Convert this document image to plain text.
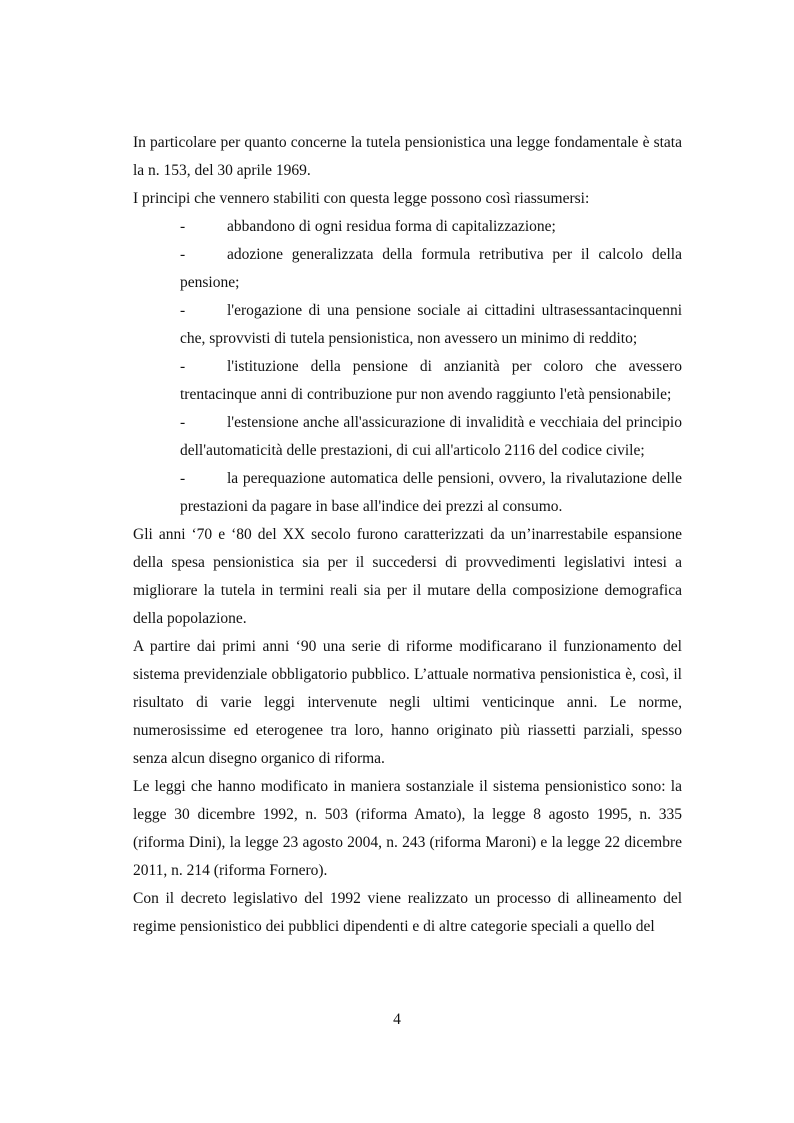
In particolare per quanto concerne la tutela pensionistica una legge fondamentale è stata la n. 153, del 30 aprile 1969.

I principi che vennero stabiliti con questa legge possono così riassumersi:

-	abbandono di ogni residua forma di capitalizzazione;

-	adozione generalizzata della formula retributiva per il calcolo della pensione;

-	l'erogazione di una pensione sociale ai cittadini ultrasessantacinquenni che, sprovvisti di tutela pensionistica, non avessero un minimo di reddito;

-	l'istituzione della pensione di anzianità per coloro che avessero trentacinque anni di contribuzione pur non avendo raggiunto l'età pensionabile;

-	l'estensione anche all'assicurazione di invalidità e vecchiaia del principio dell'automaticità delle prestazioni, di cui all'articolo 2116 del codice civile;

-	la perequazione automatica delle pensioni, ovvero, la rivalutazione delle prestazioni da pagare in base all'indice dei prezzi al consumo.

Gli anni ‘70 e ‘80 del XX secolo furono caratterizzati da un’inarrestabile espansione della spesa pensionistica sia per il succedersi di provvedimenti legislativi intesi a migliorare la tutela in termini reali sia per il mutare della composizione demografica della popolazione.

A partire dai primi anni ‘90 una serie di riforme modificarano il funzionamento del sistema previdenziale obbligatorio pubblico. L’attuale normativa pensionistica è, così, il risultato di varie leggi intervenute negli ultimi venticinque anni. Le norme, numerosissime ed eterogenee tra loro, hanno originato più riassetti parziali, spesso senza alcun disegno organico di riforma.

Le leggi che hanno modificato in maniera sostanziale il sistema pensionistico sono: la legge 30 dicembre 1992, n. 503 (riforma Amato), la legge 8 agosto 1995, n. 335 (riforma Dini), la legge 23 agosto 2004, n. 243 (riforma Maroni) e la legge 22 dicembre 2011, n. 214 (riforma Fornero).

Con il decreto legislativo del 1992 viene realizzato un processo di allineamento del regime pensionistico dei pubblici dipendenti e di altre categorie speciali a quello del

4
